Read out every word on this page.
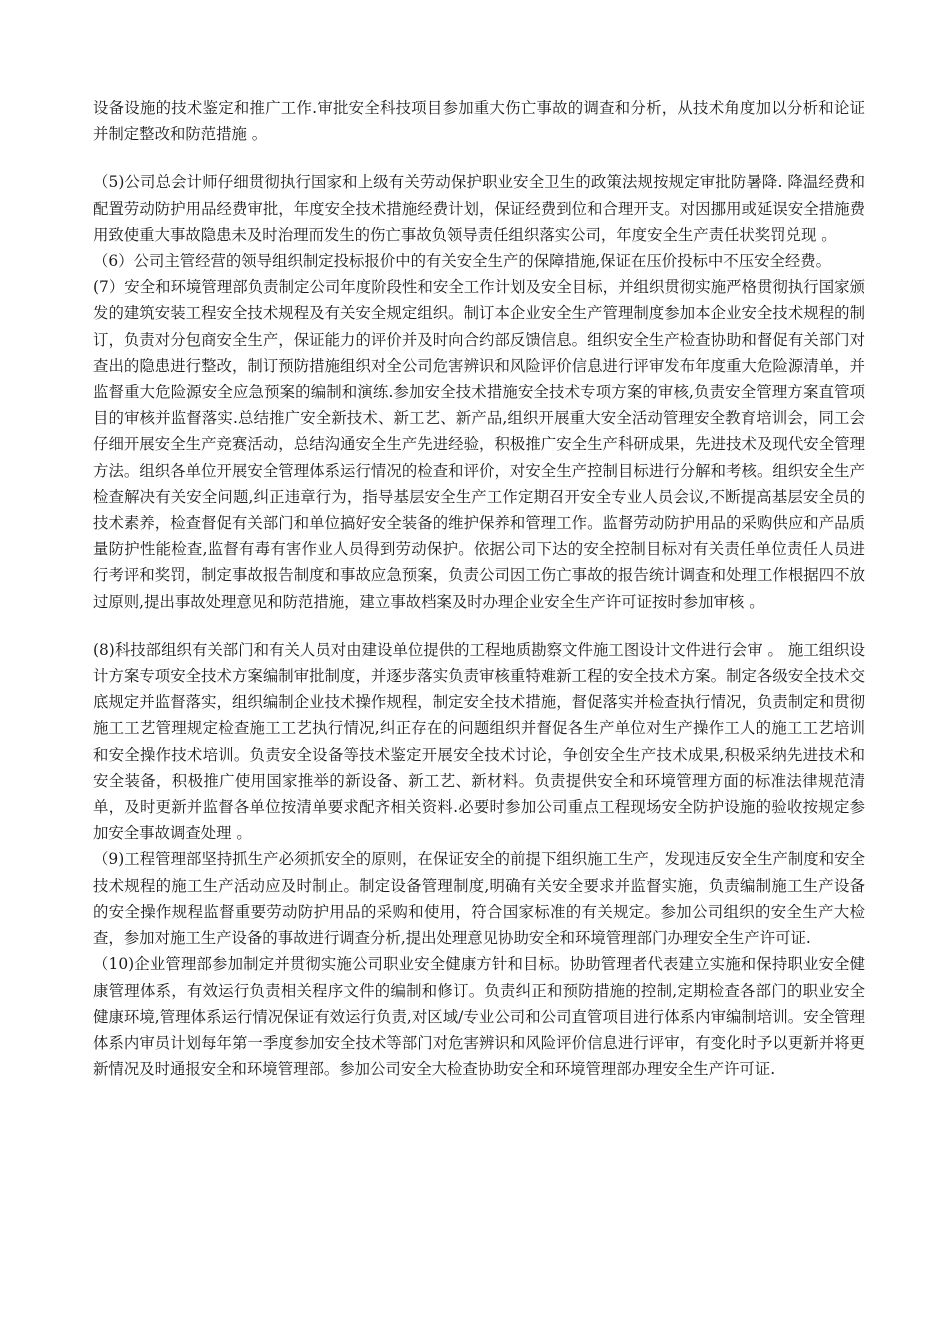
设备设施的技术鉴定和推广工作.审批安全科技项目参加重大伤亡事故的调查和分析，从技术角度加以分析和论证并制定整改和防范措施 。

（5)公司总会计师仔细贯彻执行国家和上级有关劳动保护职业安全卫生的政策法规按规定审批防暑降. 降温经费和配置劳动防护用品经费审批，年度安全技术措施经费计划，保证经费到位和合理开支。对因挪用或延误安全措施费用致使重大事故隐患未及时治理而发生的伤亡事故负领导责任组织落实公司，年度安全生产责任状奖罚兑现 。

（6）公司主管经营的领导组织制定投标报价中的有关安全生产的保障措施,保证在压价投标中不压安全经费。

(7）安全和环境管理部负责制定公司年度阶段性和安全工作计划及安全目标，并组织贯彻实施严格贯彻执行国家颁发的建筑安装工程安全技术规程及有关安全规定组织。制订本企业安全生产管理制度参加本企业安全技术规程的制订，负责对分包商安全生产，保证能力的评价并及时向合约部反馈信息。组织安全生产检查协助和督促有关部门对查出的隐患进行整改，制订预防措施组织对全公司危害辨识和风险评价信息进行评审发布年度重大危险源清单，并监督重大危险源安全应急预案的编制和演练.参加安全技术措施安全技术专项方案的审核,负责安全管理方案直管项目的审核并监督落实.总结推广安全新技术、新工艺、新产品,组织开展重大安全活动管理安全教育培训会，同工会仔细开展安全生产竞赛活动，总结沟通安全生产先进经验，积极推广安全生产科研成果，先进技术及现代安全管理方法。组织各单位开展安全管理体系运行情况的检查和评价，对安全生产控制目标进行分解和考核。组织安全生产检查解决有关安全问题,纠正违章行为，指导基层安全生产工作定期召开安全专业人员会议,不断提高基层安全员的技术素养，检查督促有关部门和单位搞好安全装备的维护保养和管理工作。监督劳动防护用品的采购供应和产品质量防护性能检查,监督有毒有害作业人员得到劳动保护。依据公司下达的安全控制目标对有关责任单位责任人员进行考评和奖罚，制定事故报告制度和事故应急预案，负责公司因工伤亡事故的报告统计调查和处理工作根据四不放过原则,提出事故处理意见和防范措施，建立事故档案及时办理企业安全生产许可证按时参加审核 。

(8)科技部组织有关部门和有关人员对由建设单位提供的工程地质勘察文件施工图设计文件进行会审 。 施工组织设计方案专项安全技术方案编制审批制度，并逐步落实负责审核重特难新工程的安全技术方案。制定各级安全技术交底规定并监督落实，组织编制企业技术操作规程，制定安全技术措施，督促落实并检查执行情况，负责制定和贯彻施工工艺管理规定检查施工工艺执行情况,纠正存在的问题组织并督促各生产单位对生产操作工人的施工工艺培训和安全操作技术培训。负责安全设备等技术鉴定开展安全技术讨论，争创安全生产技术成果,积极采纳先进技术和安全装备，积极推广使用国家推举的新设备、新工艺、新材料。负责提供安全和环境管理方面的标准法律规范清单，及时更新并监督各单位按清单要求配齐相关资料.必要时参加公司重点工程现场安全防护设施的验收按规定参加安全事故调查处理 。

（9)工程管理部坚持抓生产必须抓安全的原则，在保证安全的前提下组织施工生产，发现违反安全生产制度和安全技术规程的施工生产活动应及时制止。制定设备管理制度,明确有关安全要求并监督实施，负责编制施工生产设备的安全操作规程监督重要劳动防护用品的采购和使用，符合国家标准的有关规定。参加公司组织的安全生产大检查，参加对施工生产设备的事故进行调查分析,提出处理意见协助安全和环境管理部门办理安全生产许可证.

（10)企业管理部参加制定并贯彻实施公司职业安全健康方针和目标。协助管理者代表建立实施和保持职业安全健康管理体系，有效运行负责相关程序文件的编制和修订。负责纠正和预防措施的控制,定期检查各部门的职业安全健康环境,管理体系运行情况保证有效运行负责,对区域/专业公司和公司直管项目进行体系内审编制培训。安全管理体系内审员计划每年第一季度参加安全技术等部门对危害辨识和风险评价信息进行评审，有变化时予以更新并将更新情况及时通报安全和环境管理部。参加公司安全大检查协助安全和环境管理部办理安全生产许可证.
